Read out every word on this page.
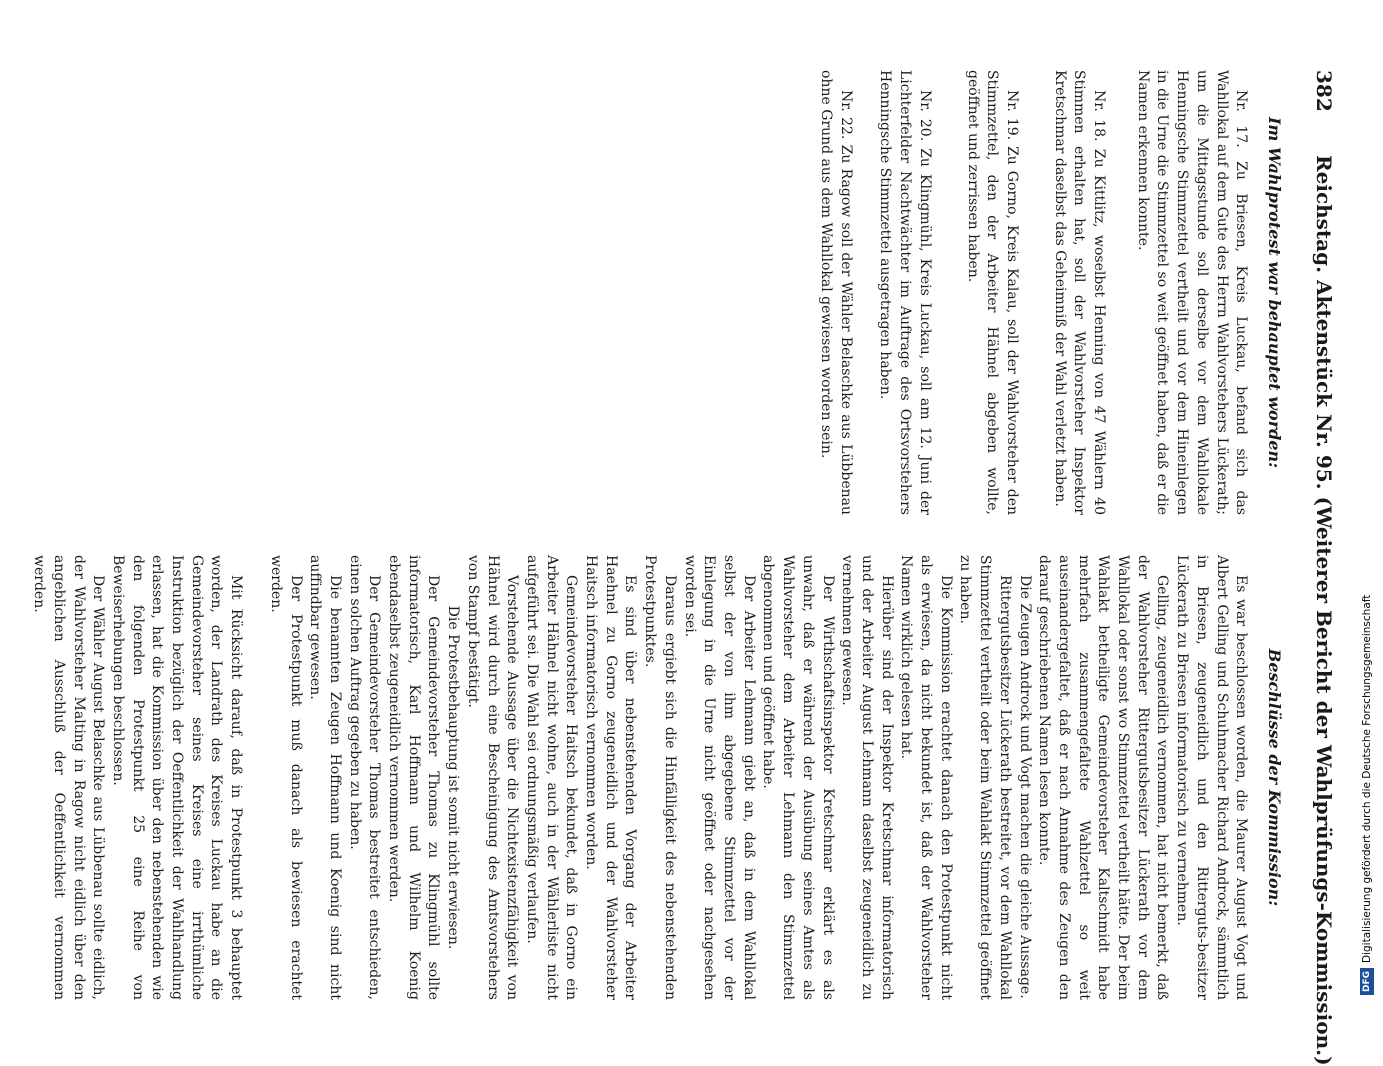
382
Reichstag. Aktenstück Nr. 95. (Weiterer Bericht der Wahlprüfungs-Kommission.)
Im Wahlprotest war behauptet worden:

Nr. 17. Zu Briesen, Kreis Luckau, befand sich das Wahllokal auf dem Gute des Herrn Wahlvorstehers Lückerath; um die Mittagsstunde soll derselbe vor dem Wahllokale Henningsche Stimmzettel vertheilt und vor dem Hineinlegen in die Urne die Stimmzettel so weit geöffnet haben, daß er die Namen erkennen konnte.

Nr. 18. Zu Kittlitz, woselbst Henning von 47 Wählern 40 Stimmen erhalten hat, soll der Wahlvorsteher Inspektor Kretschmar daselbst das Geheimniß der Wahl verletzt haben.

Nr. 19. Zu Gorno, Kreis Kalau, soll der Wahlvorsteher den Stimmzettel, den der Arbeiter Hähnel abgeben wollte, geöffnet und zerrissen haben.

Nr. 20. Zu Klingmühl, Kreis Luckau, soll am 12. Juni der Lichterfelder Nachtwächter im Auftrage des Ortsvorstehers Henningsche Stimmzettel ausgetragen haben.

Nr. 22. Zu Ragow soll der Wähler Belaschke aus Lübbenau ohne Grund aus dem Wahllokal gewiesen worden sein.

Beschlüsse der Kommission:

Es war beschlossen worden, die Maurer August Vogt und Albert Gelling und Schuhmacher Richard Androck, sämmtlich in Briesen, zeugeneidlich und den Ritterguts-besitzer Lückerath zu Briesen informatorisch zu vernehmen.

Gelling, zeugeneidlich vernommen, hat nicht bemerkt, daß der Wahlvorsteher Rittergutsbesitzer Lückerath vor dem Wahllokal oder sonst wo Stimmzettel vertheilt hätte. Der beim Wahlakt betheiligte Gemeindevorsteher Kaltschmidt habe mehrfach zusammengefaltete Wahlzettel so weit auseinandergefaltet, daß er nach Annahme des Zeugen den darauf geschriebenen Namen lesen konnte.

Die Zeugen Androck und Vogt machen die gleiche Aussage.

Rittergutsbesitzer Lückerath bestreitet, vor dem Wahllokal Stimmzettel vertheilt oder beim Wahlakt Stimmzettel geöffnet zu haben.

Die Kommission erachtet danach den Protestpunkt nicht als erwiesen, da nicht bekundet ist, daß der Wahlvorsteher Namen wirklich gelesen hat.

Hierüber sind der Inspektor Kretschmar informatorisch und der Arbeiter August Lehmann daselbst zeugeneidlich zu vernehmen gewesen.

Der Wirthschaftsinspektor Kretschmar erklärt es als unwahr, daß er während der Ausübung seines Amtes als Wahlvorsteher dem Arbeiter Lehmann den Stimmzettel abgenommen und geöffnet habe.

Der Arbeiter Lehmann giebt an, daß in dem Wahllokal selbst der von ihm abgegebene Stimmzettel vor der Einlegung in die Urne nicht geöffnet oder nachgesehen worden sei.

Daraus ergiebt sich die Hinfälligkeit des nebenstehenden Protestpunktes.

Es sind über nebenstehenden Vorgang der Arbeiter Haehnel zu Gorno zeugeneidlich und der Wahlvorsteher Haitsch informatorisch vernommen worden.

Gemeindevorsteher Haitsch bekundet, daß in Gorno ein Arbeiter Hähnel nicht wohne, auch in der Wählerliste nicht aufgeführt sei. Die Wahl sei ordnungsmäßig verlaufen.

Vorstehende Aussage über die Nichtexistenzfähigkeit von Hähnel wird durch eine Bescheinigung des Amtsvorstehers von Stampf bestätigt.

Die Protestbehauptung ist somit nicht erwiesen.

Der Gemeindevorsteher Thomas zu Klingmühl sollte informatorisch, Karl Hoffmann und Wilhelm Koenig ebendaselbst zeugeneidlich vernommen werden.

Der Gemeindevorsteher Thomas bestreitet entschieden, einen solchen Auftrag gegeben zu haben.

Die benannten Zeugen Hoffmann und Koenig sind nicht auffindbar gewesen.

Der Protestpunkt muß danach als bewiesen erachtet werden.

Mit Rücksicht darauf, daß in Protestpunkt 3 behauptet worden, der Landrath des Kreises Luckau habe an die Gemeindevorsteher seines Kreises eine irrthümliche Instruktion bezüglich der Oeffentlichkeit der Wahlhandlung erlassen, hat die Kommission über den nebenstehenden wie den folgenden Protestpunkt 25 eine Reihe von Beweiserhebungen beschlossen.

Der Wähler August Belaschke aus Lübbenau sollte eidlich, der Wahlvorsteher Malting in Ragow nicht eidlich über den angeblichen Ausschluß der Oeffentlichkeit vernommen werden.

DFGDigitalisierung gefördert durch die Deutsche Forschungsgemeinschaft
